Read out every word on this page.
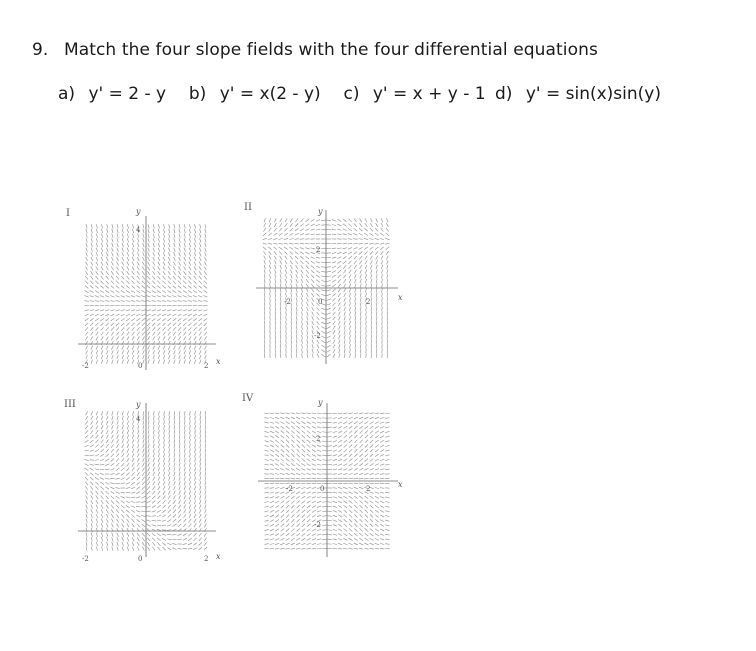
9. Match the four slope fields with the four differential equations
a) y' = 2 - y b) y' = x(2 - y) c) y' = x + y - 1 d) y' = sin(x)sin(y)
I	y
x
-2	0	2
4
II	y
x
-2	0	2
2
-2
III	y
x
-2	0	2
4
IV	y
x
-2	0	2
2
-2
